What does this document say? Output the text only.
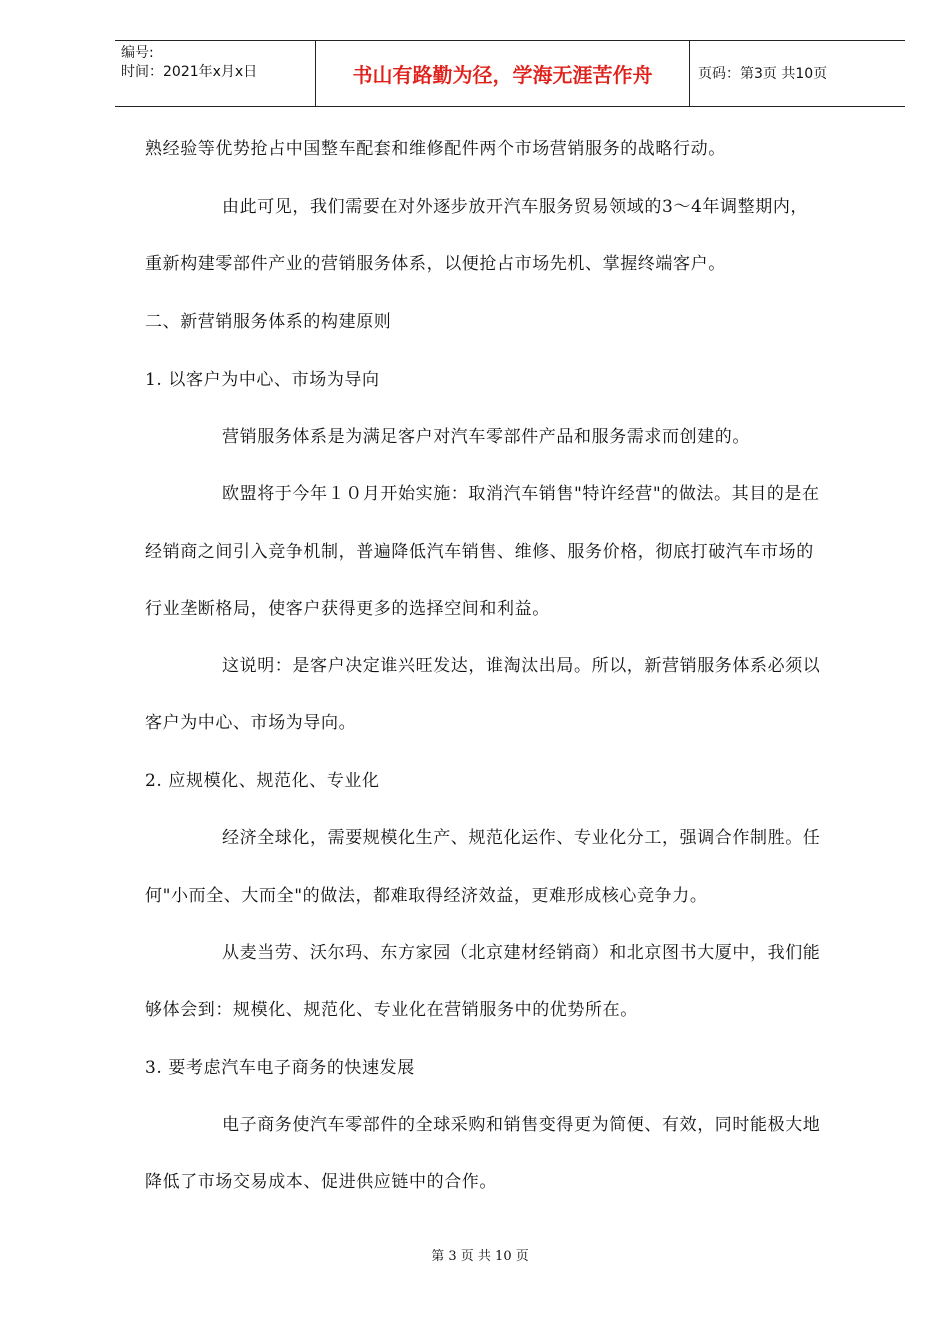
编号:
时间：2021年x月x日	书山有路勤为径，学海无涯苦作舟	页码：第3页 共10页

熟经验等优势抢占中国整车配套和维修配件两个市场营销服务的战略行动。

由此可见，我们需要在对外逐步放开汽车服务贸易领域的3～4年调整期内，

重新构建零部件产业的营销服务体系，以便抢占市场先机、掌握终端客户。

二、新营销服务体系的构建原则

1. 以客户为中心、市场为导向

营销服务体系是为满足客户对汽车零部件产品和服务需求而创建的。

欧盟将于今年１０月开始实施：取消汽车销售"特许经营"的做法。其目的是在

经销商之间引入竞争机制，普遍降低汽车销售、维修、服务价格，彻底打破汽车市场的

行业垄断格局，使客户获得更多的选择空间和利益。

这说明：是客户决定谁兴旺发达，谁淘汰出局。所以，新营销服务体系必须以

客户为中心、市场为导向。

2. 应规模化、规范化、专业化

经济全球化，需要规模化生产、规范化运作、专业化分工，强调合作制胜。任

何"小而全、大而全"的做法，都难取得经济效益，更难形成核心竞争力。

从麦当劳、沃尔玛、东方家园（北京建材经销商）和北京图书大厦中，我们能

够体会到：规模化、规范化、专业化在营销服务中的优势所在。

3. 要考虑汽车电子商务的快速发展

电子商务使汽车零部件的全球采购和销售变得更为简便、有效，同时能极大地

降低了市场交易成本、促进供应链中的合作。

第 3 页 共 10 页
